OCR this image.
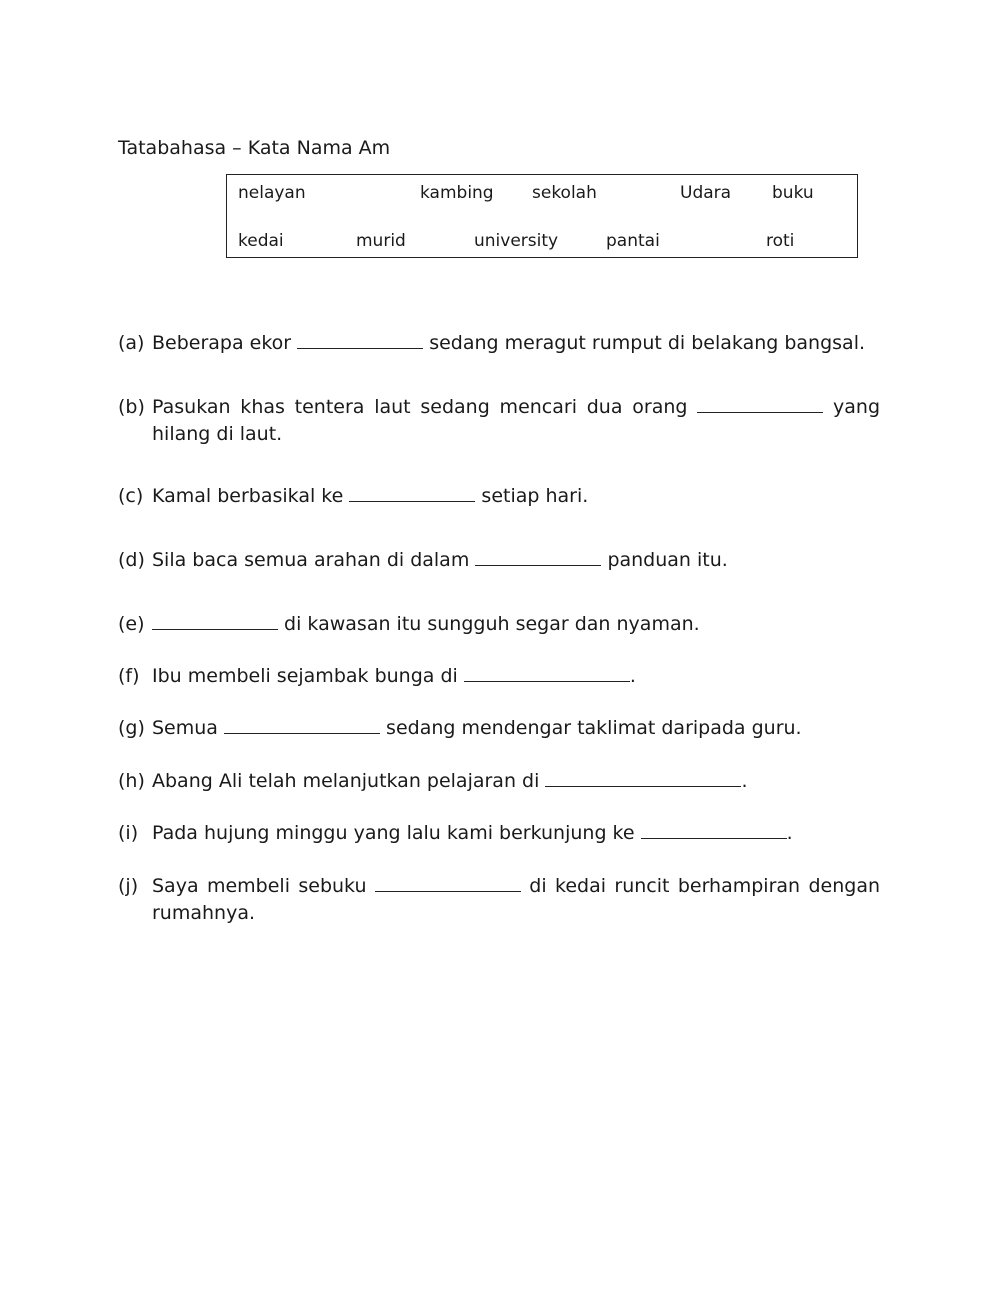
Tatabahasa – Kata Nama Am
nelayan	kambing sekolah	Udara buku
kedai	murid	university	pantai	roti
(a) Beberapa ekor	sedang meragut rumput di belakang bangsal.
(b) Pasukan khas tentera laut sedang mencari dua orang	yang hilang di laut.
(c) Kamal berbasikal ke	setiap hari.
(d) Sila baca semua arahan di dalam	panduan itu.
(e)	di kawasan itu sungguh segar dan nyaman.
(f) Ibu membeli sejambak bunga di	.
(g) Semua	sedang mendengar taklimat daripada guru.
(h) Abang Ali telah melanjutkan pelajaran di	.
(i) Pada hujung minggu yang lalu kami berkunjung ke	.
(j) Saya membeli sebuku	di kedai runcit berhampiran dengan rumahnya.
